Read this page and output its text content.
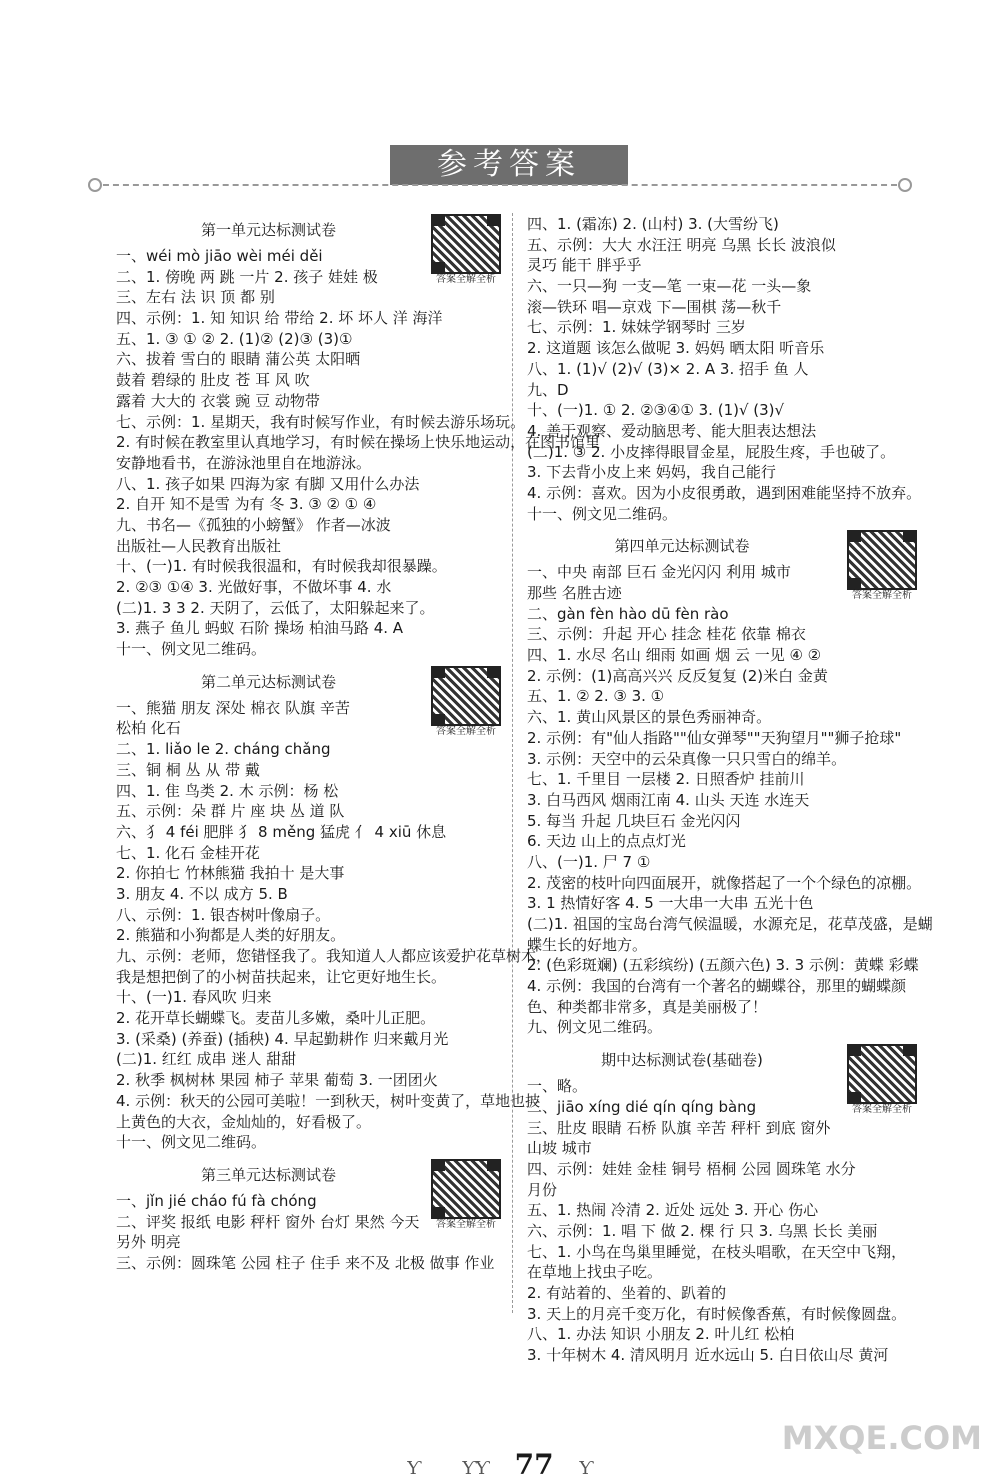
参考答案
第一单元达标测试卷
答案全解全析
一、wéi mò jiāo wèi méi děi
二、1. 傍晚 两 跳 一片 2. 孩子 娃娃 极
三、左右 法 识 顶 都 别
四、示例：1. 知 知识 给 带给 2. 坏 坏人 洋 海洋
五、1. ③ ① ② 2. (1)② (2)③ (3)①
六、拔着 雪白的 眼睛 蒲公英 太阳晒
鼓着 碧绿的 肚皮 苍 耳 风 吹
露着 大大的 衣裳 豌 豆 动物带
七、示例：1. 星期天，我有时候写作业，有时候去游乐场玩。
2. 有时候在教室里认真地学习，有时候在操场上快乐地运动，在图书馆里
安静地看书，在游泳池里自在地游泳。
八、1. 孩子如果 四海为家 有脚 又用什么办法
2. 自开 知不是雪 为有 冬 3. ③ ② ① ④
九、书名—《孤独的小螃蟹》 作者—冰波
出版社—人民教育出版社
十、(一)1. 有时候我很温和，有时候我却很暴躁。
2. ②③ ①④ 3. 光做好事，不做坏事 4. 水
(二)1. 3 3 2. 天阴了，云低了，太阳躲起来了。
3. 燕子 鱼儿 蚂蚁 石阶 操场 柏油马路 4. A
十一、例文见二维码。
第二单元达标测试卷
答案全解全析
一、熊猫 朋友 深处 棉衣 队旗 辛苦
松柏 化石
二、1. liǎo le 2. cháng chǎng
三、铜 桐 丛 从 带 戴
四、1. 隹 鸟类 2. 木 示例：杨 松
五、示例：朵 群 片 座 块 丛 道 队
六、犭 4 féi 肥胖 犭 8 měng 猛虎 亻 4 xiū 休息
七、1. 化石 金桂开花
2. 你拍七 竹林熊猫 我拍十 是大事
3. 朋友 4. 不以 成方 5. B
八、示例：1. 银杏树叶像扇子。
2. 熊猫和小狗都是人类的好朋友。
九、示例：老师，您错怪我了。我知道人人都应该爱护花草树木，
我是想把倒了的小树苗扶起来，让它更好地生长。
十、(一)1. 春风吹 归来
2. 花开草长蝴蝶飞。麦苗儿多嫩，桑叶儿正肥。
3. (采桑) (养蚕) (插秧) 4. 早起勤耕作 归来戴月光
(二)1. 红红 成串 迷人 甜甜
2. 秋季 枫树林 果园 柿子 苹果 葡萄 3. 一团团火
4. 示例：秋天的公园可美啦！一到秋天，树叶变黄了，草地也披
上黄色的大衣，金灿灿的，好看极了。
十一、例文见二维码。
第三单元达标测试卷
答案全解全析
一、jǐn jié cháo fú fà chóng
二、评奖 报纸 电影 秤杆 窗外 台灯 果然 今天
另外 明亮
三、示例：圆珠笔 公园 柱子 住手 来不及 北极 做事 作业
四、1. (霜冻) 2. (山村) 3. (大雪纷飞)
五、示例：大大 水汪汪 明亮 乌黑 长长 波浪似
灵巧 能干 胖乎乎
六、一只—狗 一支—笔 一束—花 一头—象
滚—铁环 唱—京戏 下—围棋 荡—秋千
七、示例：1. 妹妹学钢琴时 三岁
2. 这道题 该怎么做呢 3. 妈妈 晒太阳 听音乐
八、1. (1)√ (2)√ (3)× 2. A 3. 招手 鱼 人
九、D
十、(一)1. ① 2. ②③④① 3. (1)√ (3)√
4. 善于观察、爱动脑思考、能大胆表达想法
(二)1. ③ 2. 小皮摔得眼冒金星，屁股生疼，手也破了。
3. 下去背小皮上来 妈妈，我自己能行
4. 示例：喜欢。因为小皮很勇敢，遇到困难能坚持不放弃。
十一、例文见二维码。
第四单元达标测试卷
答案全解全析
一、中央 南部 巨石 金光闪闪 利用 城市
那些 名胜古迹
二、gàn fèn hào dū fèn rào
三、示例：升起 开心 挂念 桂花 依靠 棉衣
四、1. 水尽 名山 细雨 如画 烟 云 一见 ④ ②
2. 示例：(1)高高兴兴 反反复复 (2)米白 金黄
五、1. ② 2. ③ 3. ①
六、1. 黄山风景区的景色秀丽神奇。
2. 示例：有"仙人指路""仙女弹琴""天狗望月""狮子抢球"
3. 示例：天空中的云朵真像一只只雪白的绵羊。
七、1. 千里目 一层楼 2. 日照香炉 挂前川
3. 白马西风 烟雨江南 4. 山头 天连 水连天
5. 每当 升起 几块巨石 金光闪闪
6. 天边 山上的点点灯光
八、(一)1. 尸 7 ①
2. 茂密的枝叶向四面展开，就像搭起了一个个绿色的凉棚。
3. 1 热情好客 4. 5 一大串一大串 五光十色
(二)1. 祖国的宝岛台湾气候温暖，水源充足，花草茂盛，是蝴
蝶生长的好地方。
2. (色彩斑斓) (五彩缤纷) (五颜六色) 3. 3 示例：黄蝶 彩蝶
4. 示例：我国的台湾有一个著名的蝴蝶谷，那里的蝴蝶颜
色、种类都非常多，真是美丽极了！
九、例文见二维码。
期中达标测试卷(基础卷)
答案全解全析
一、略。
二、jiāo xíng dié qín qíng bàng
三、肚皮 眼睛 石桥 队旗 辛苦 秤杆 到底 窗外
山坡 城市
四、示例：娃娃 金桂 铜号 梧桐 公园 圆珠笔 水分
月份
五、1. 热闹 冷清 2. 近处 远处 3. 开心 伤心
六、示例：1. 唱 下 做 2. 棵 行 只 3. 乌黑 长长 美丽
七、1. 小鸟在鸟巢里睡觉，在枝头唱歌，在天空中飞翔，
在草地上找虫子吃。
2. 有站着的、坐着的、趴着的
3. 天上的月亮千变万化，有时候像香蕉，有时候像圆盘。
八、1. 办法 知识 小朋友 2. 叶儿红 松柏
3. 十年树木 4. 清风明月 近水远山 5. 白日依山尽 黄河
Ƴ ƳƳ 77 Ƴ
MXQE.COM
